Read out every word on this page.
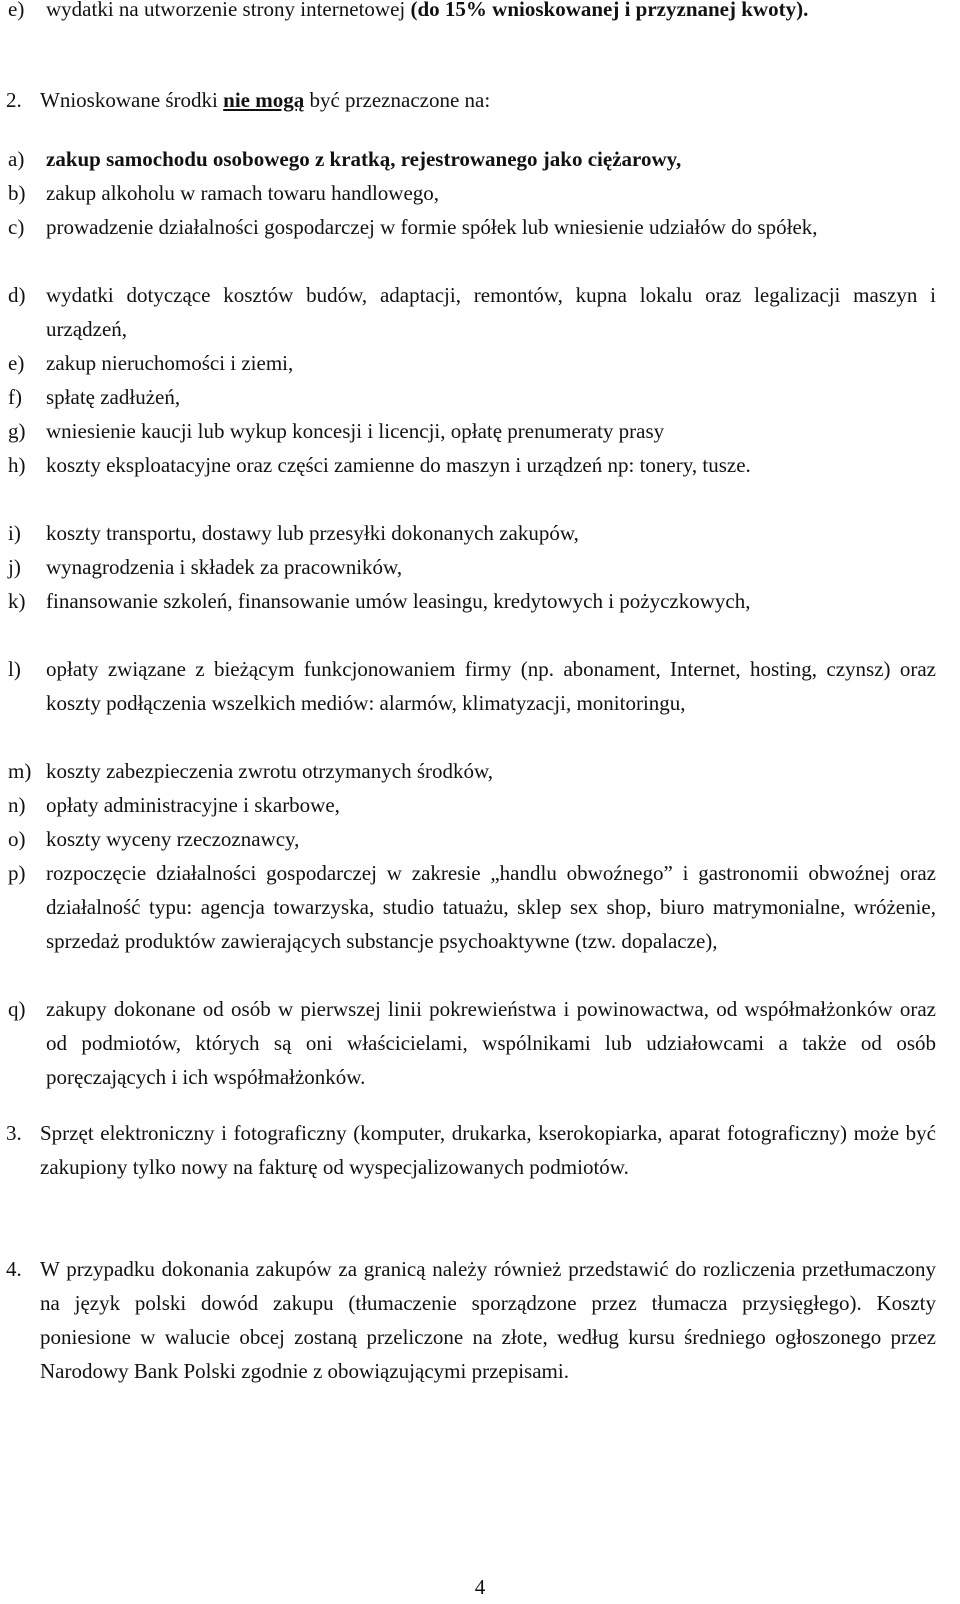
e)	wydatki na utworzenie strony internetowej (do 15% wnioskowanej i przyznanej kwoty).
2. Wnioskowane środki nie mogą być przeznaczone na:
a)	zakup samochodu osobowego z kratką, rejestrowanego jako ciężarowy,
b) zakup alkoholu w ramach towaru handlowego,
c)	prowadzenie działalności gospodarczej w formie spółek lub wniesienie udziałów do spółek,
d) wydatki dotyczące kosztów budów, adaptacji, remontów, kupna lokalu oraz legalizacji maszyn i urządzeń,
e)	zakup nieruchomości i ziemi,
f)	spłatę zadłużeń,
g) wniesienie kaucji lub wykup koncesji i licencji, opłatę prenumeraty prasy
h) koszty eksploatacyjne oraz części zamienne do maszyn i urządzeń np: tonery, tusze.
i)	koszty transportu, dostawy lub przesyłki dokonanych zakupów,
j)	wynagrodzenia i składek za pracowników,
k) finansowanie szkoleń, finansowanie umów leasingu, kredytowych i pożyczkowych,
l)	opłaty związane z bieżącym funkcjonowaniem firmy (np. abonament, Internet, hosting, czynsz) oraz koszty podłączenia wszelkich mediów: alarmów, klimatyzacji, monitoringu,
m) koszty zabezpieczenia zwrotu otrzymanych środków,
n) opłaty administracyjne i skarbowe,
o) koszty wyceny rzeczoznawcy,
p) rozpoczęcie działalności gospodarczej w zakresie „handlu obwoźnego” i gastronomii obwoźnej oraz działalność typu: agencja towarzyska, studio tatuażu, sklep sex shop, biuro matrymonialne, wróżenie, sprzedaż produktów zawierających substancje psychoaktywne (tzw. dopalacze),
q) zakupy dokonane od osób w pierwszej linii pokrewieństwa i powinowactwa, od współmałżonków oraz od podmiotów, których są oni właścicielami, wspólnikami lub udziałowcami a także od osób poręczających i ich współmałżonków.
3. Sprzęt elektroniczny i fotograficzny (komputer, drukarka, kserokopiarka, aparat fotograficzny) może być zakupiony tylko nowy na fakturę od wyspecjalizowanych podmiotów.
4. W przypadku dokonania zakupów za granicą należy również przedstawić do rozliczenia przetłumaczony na język polski dowód zakupu (tłumaczenie sporządzone przez tłumacza przysięgłego). Koszty poniesione w walucie obcej zostaną przeliczone na złote, według kursu średniego ogłoszonego przez Narodowy Bank Polski zgodnie z obowiązującymi przepisami.
4
